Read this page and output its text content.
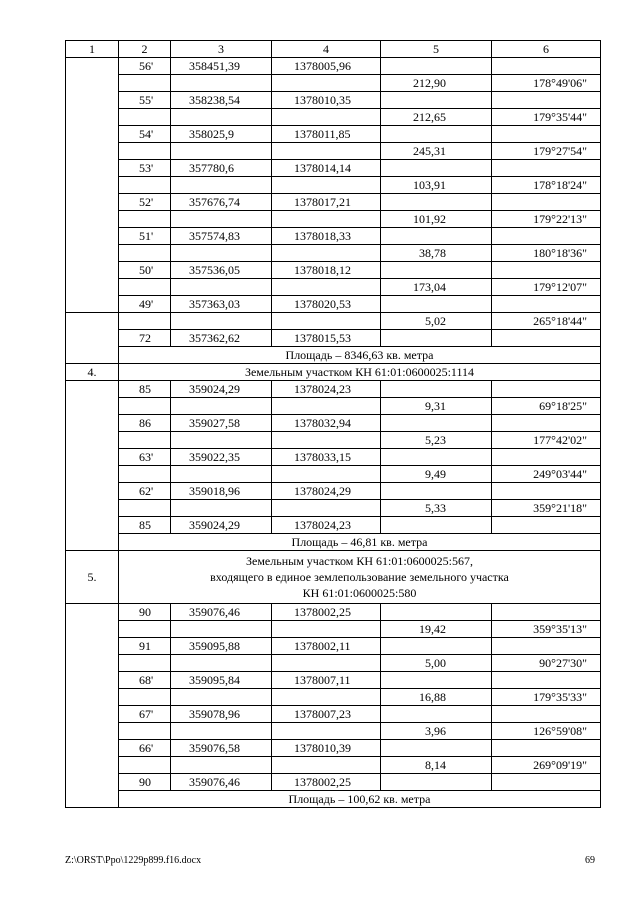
1	2	3	4	5	6
	56'	358451,39	1378005,96		
				212,90	178°49'06"
	55'	358238,54	1378010,35		
				212,65	179°35'44"
	54'	358025,9	1378011,85		
				245,31	179°27'54"
	53'	357780,6	1378014,14		
				103,91	178°18'24"
	52'	357676,74	1378017,21		
				101,92	179°22'13"
	51'	357574,83	1378018,33		
				38,78	180°18'36"
	50'	357536,05	1378018,12		
				173,04	179°12'07"
	49'	357363,03	1378020,53		
				5,02	265°18'44"
	72	357362,62	1378015,53		
	Площадь – 8346,63 кв. метра				
4.	Земельным участком КН 61:01:0600025:1114				
	85	359024,29	1378024,23		
				9,31	69°18'25"
	86	359027,58	1378032,94		
				5,23	177°42'02"
	63'	359022,35	1378033,15		
				9,49	249°03'44"
	62'	359018,96	1378024,29		
				5,33	359°21'18"
	85	359024,29	1378024,23		
	Площадь – 46,81 кв. метра				
5.	Земельным участком КН 61:01:0600025:567,
входящего в единое землепользование земельного участка
КН 61:01:0600025:580				

	90	359076,46	1378002,25		
				19,42	359°35'13"
	91	359095,88	1378002,11		
				5,00	90°27'30"
	68'	359095,84	1378007,11		
				16,88	179°35'33"
	67'	359078,96	1378007,23		
				3,96	126°59'08"
	66'	359076,58	1378010,39		
				8,14	269°09'19"
	90	359076,46	1378002,25		
	Площадь – 100,62 кв. метра				
Z:\ORST\Ppo\1229p899.f16.docx	69
